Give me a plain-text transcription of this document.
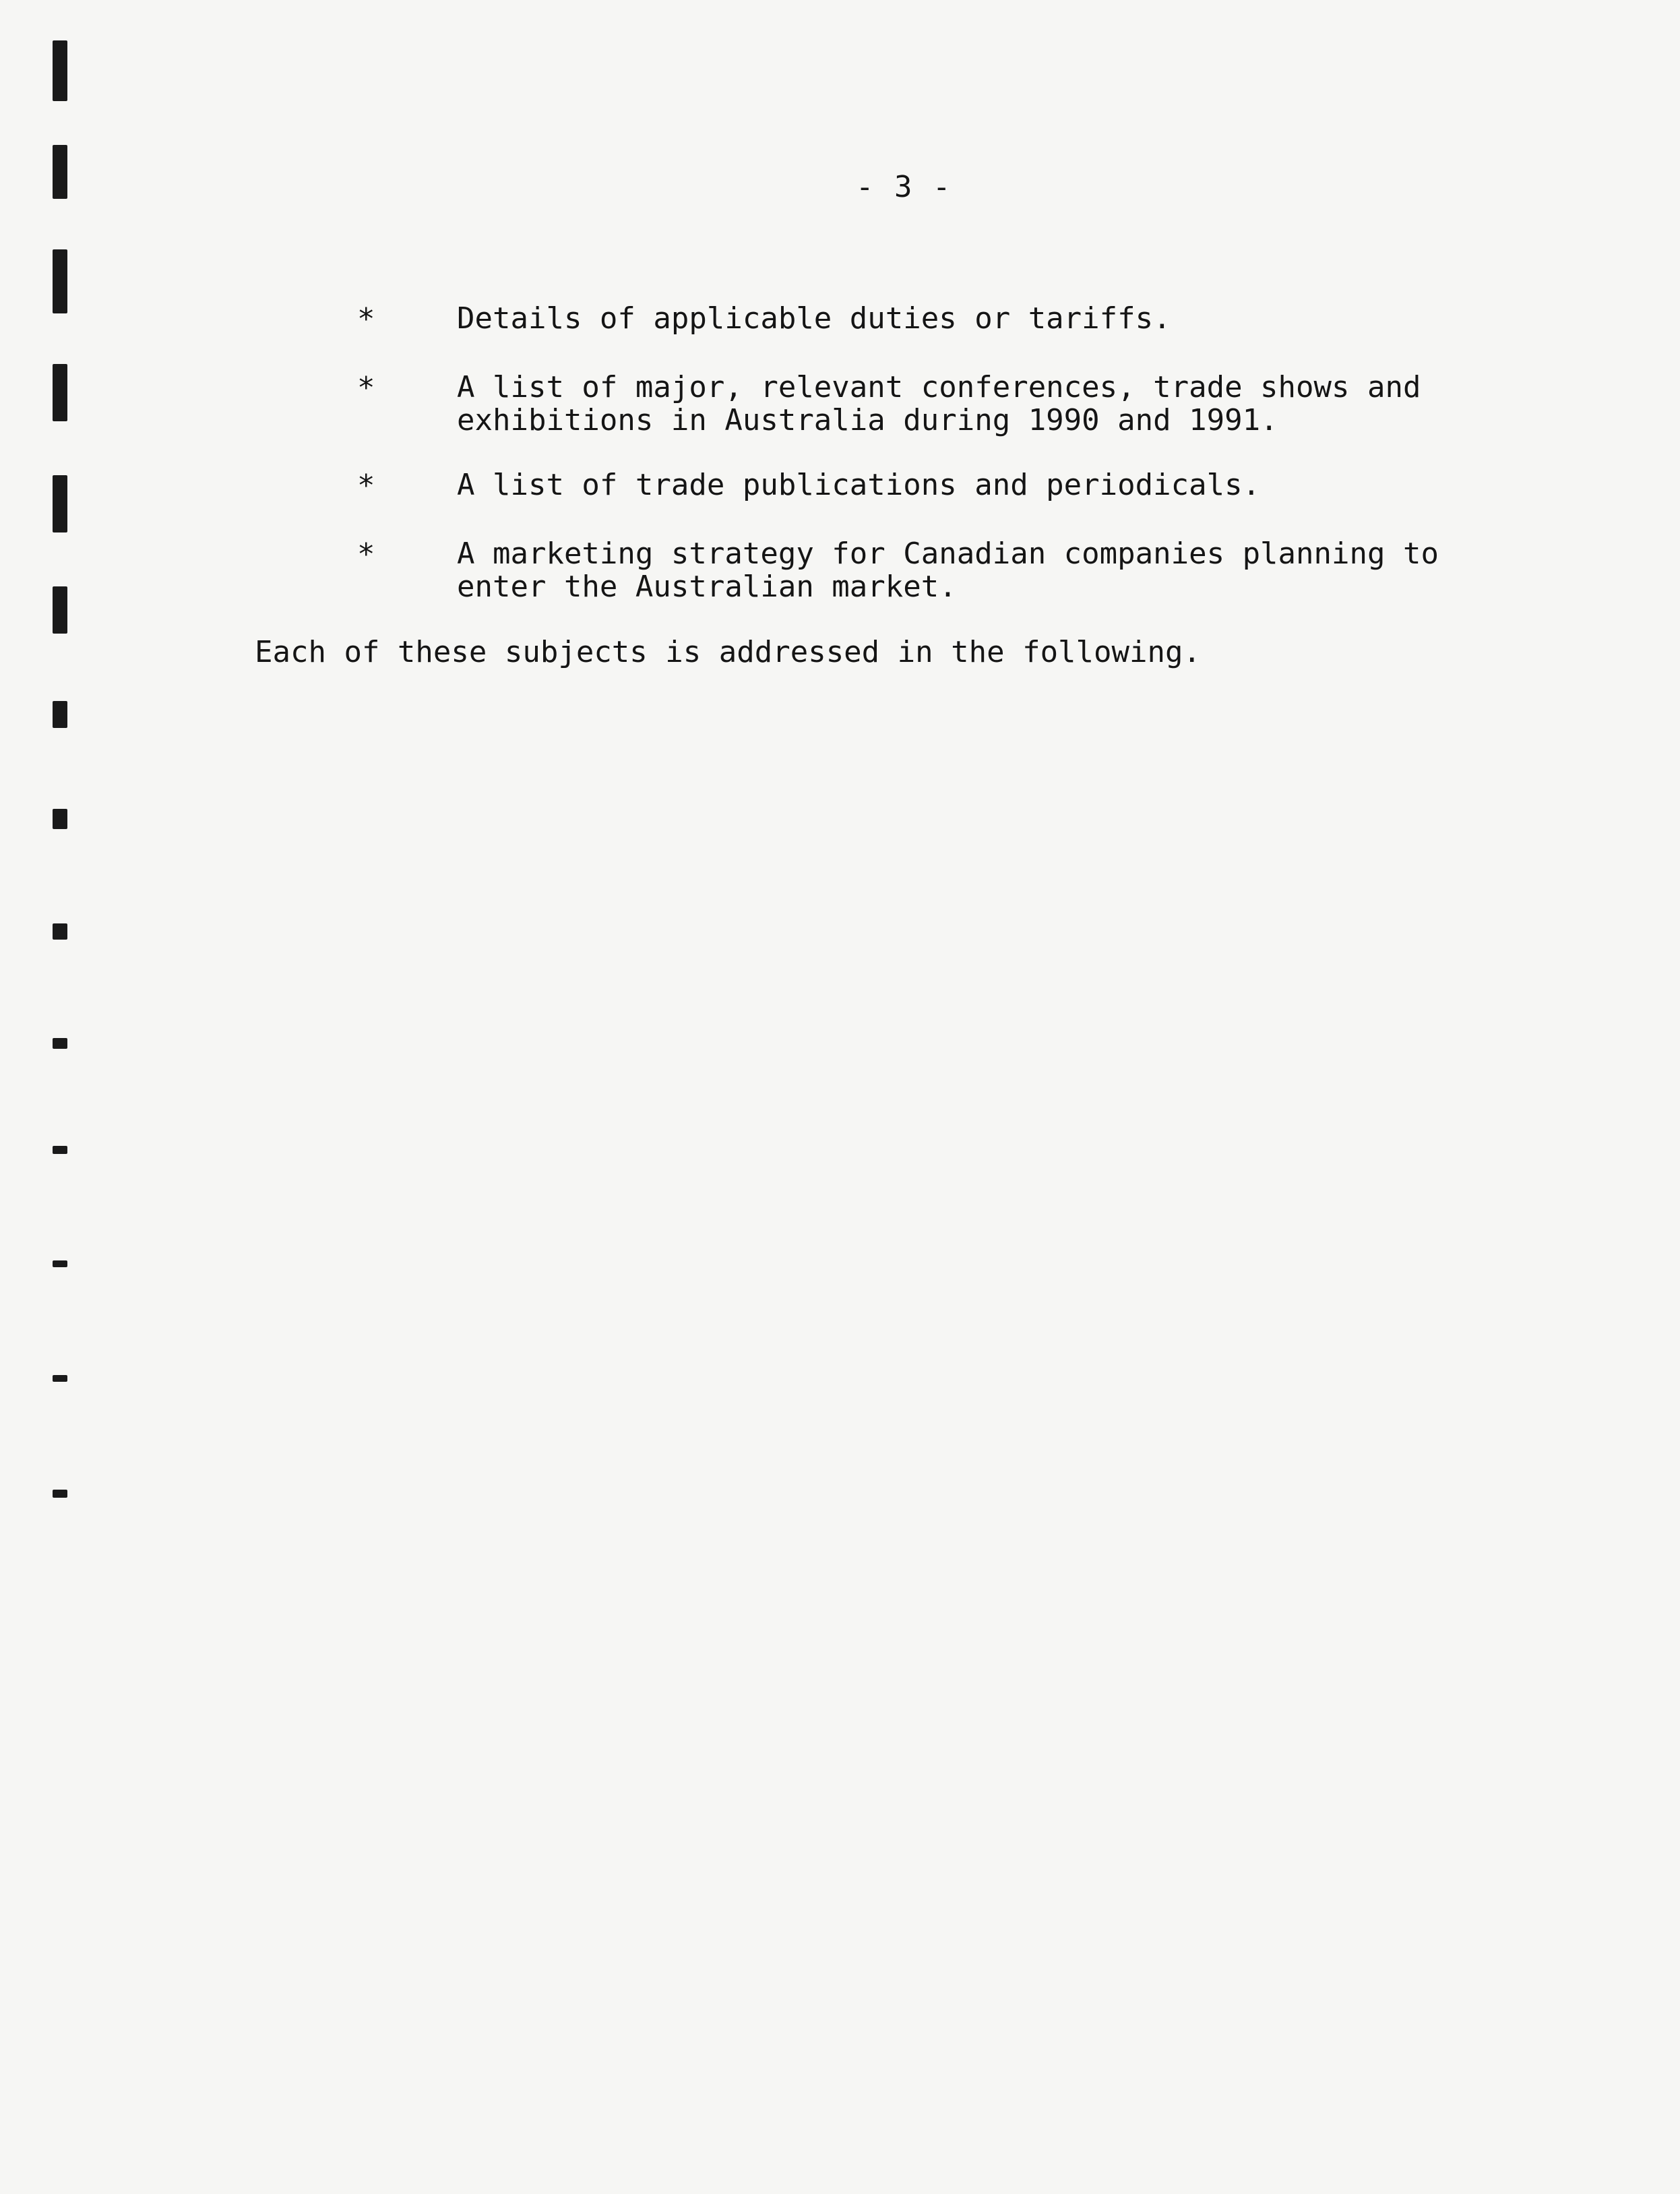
- 3 -
*	Details of applicable duties or tariffs.
*	A list of major, relevant conferences, trade shows and
exhibitions in Australia during 1990 and 1991.
*	A list of trade publications and periodicals.
*	A marketing strategy for Canadian companies planning to
enter the Australian market.
Each of these subjects is addressed in the following.
